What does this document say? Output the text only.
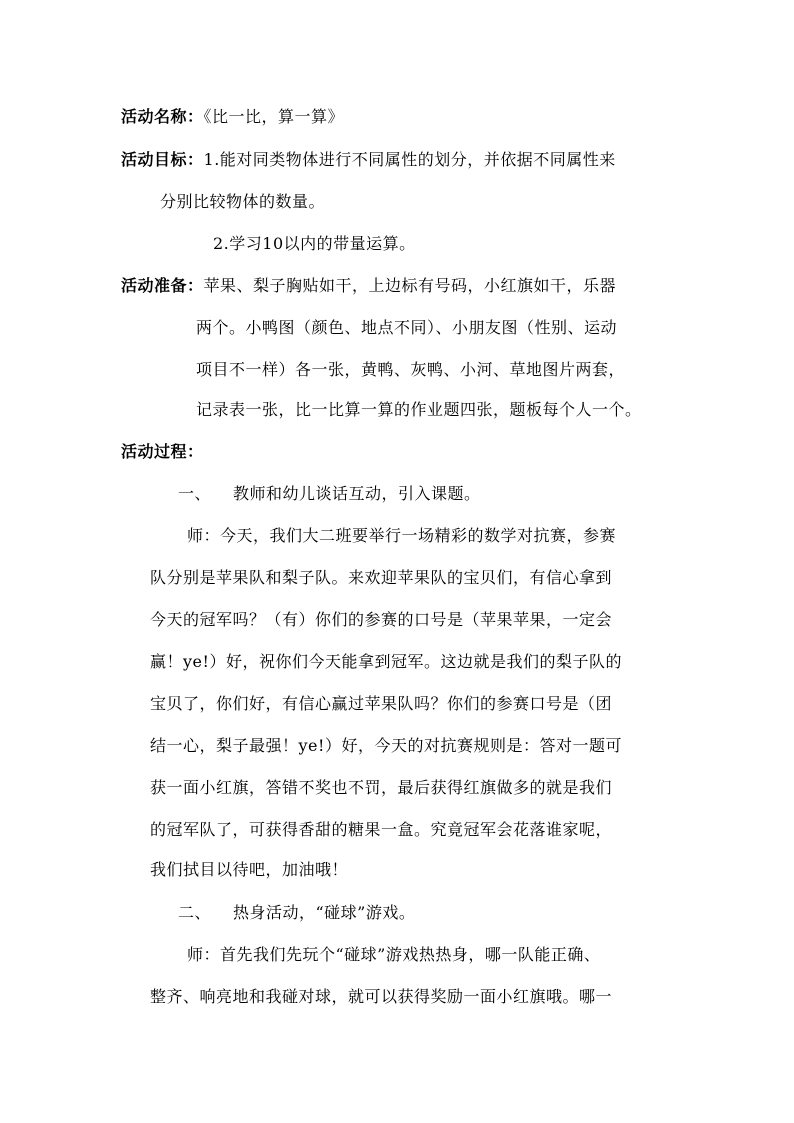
活动名称：《比一比，算一算》
活动目标：1.能对同类物体进行不同属性的划分，并依据不同属性来
分别比较物体的数量。
2.学习10以内的带量运算。
活动准备：苹果、梨子胸贴如干，上边标有号码，小红旗如干，乐器
两个。小鸭图（颜色、地点不同）、小朋友图（性别、运动
项目不一样）各一张，黄鸭、灰鸭、小河、草地图片两套，
记录表一张，比一比算一算的作业题四张，题板每个人一个。
活动过程：
一、 教师和幼儿谈话互动，引入课题。
师：今天，我们大二班要举行一场精彩的数学对抗赛，参赛
队分别是苹果队和梨子队。来欢迎苹果队的宝贝们，有信心拿到
今天的冠军吗？（有）你们的参赛的口号是（苹果苹果，一定会
赢！ye!）好，祝你们今天能拿到冠军。这边就是我们的梨子队的
宝贝了，你们好，有信心赢过苹果队吗？你们的参赛口号是（团
结一心，梨子最强！ye!）好，今天的对抗赛规则是：答对一题可
获一面小红旗，答错不奖也不罚，最后获得红旗做多的就是我们
的冠军队了，可获得香甜的糖果一盒。究竟冠军会花落谁家呢，
我们拭目以待吧，加油哦！
二、 热身活动，“碰球”游戏。
师：首先我们先玩个“碰球”游戏热热身，哪一队能正确、
整齐、响亮地和我碰对球，就可以获得奖励一面小红旗哦。哪一
